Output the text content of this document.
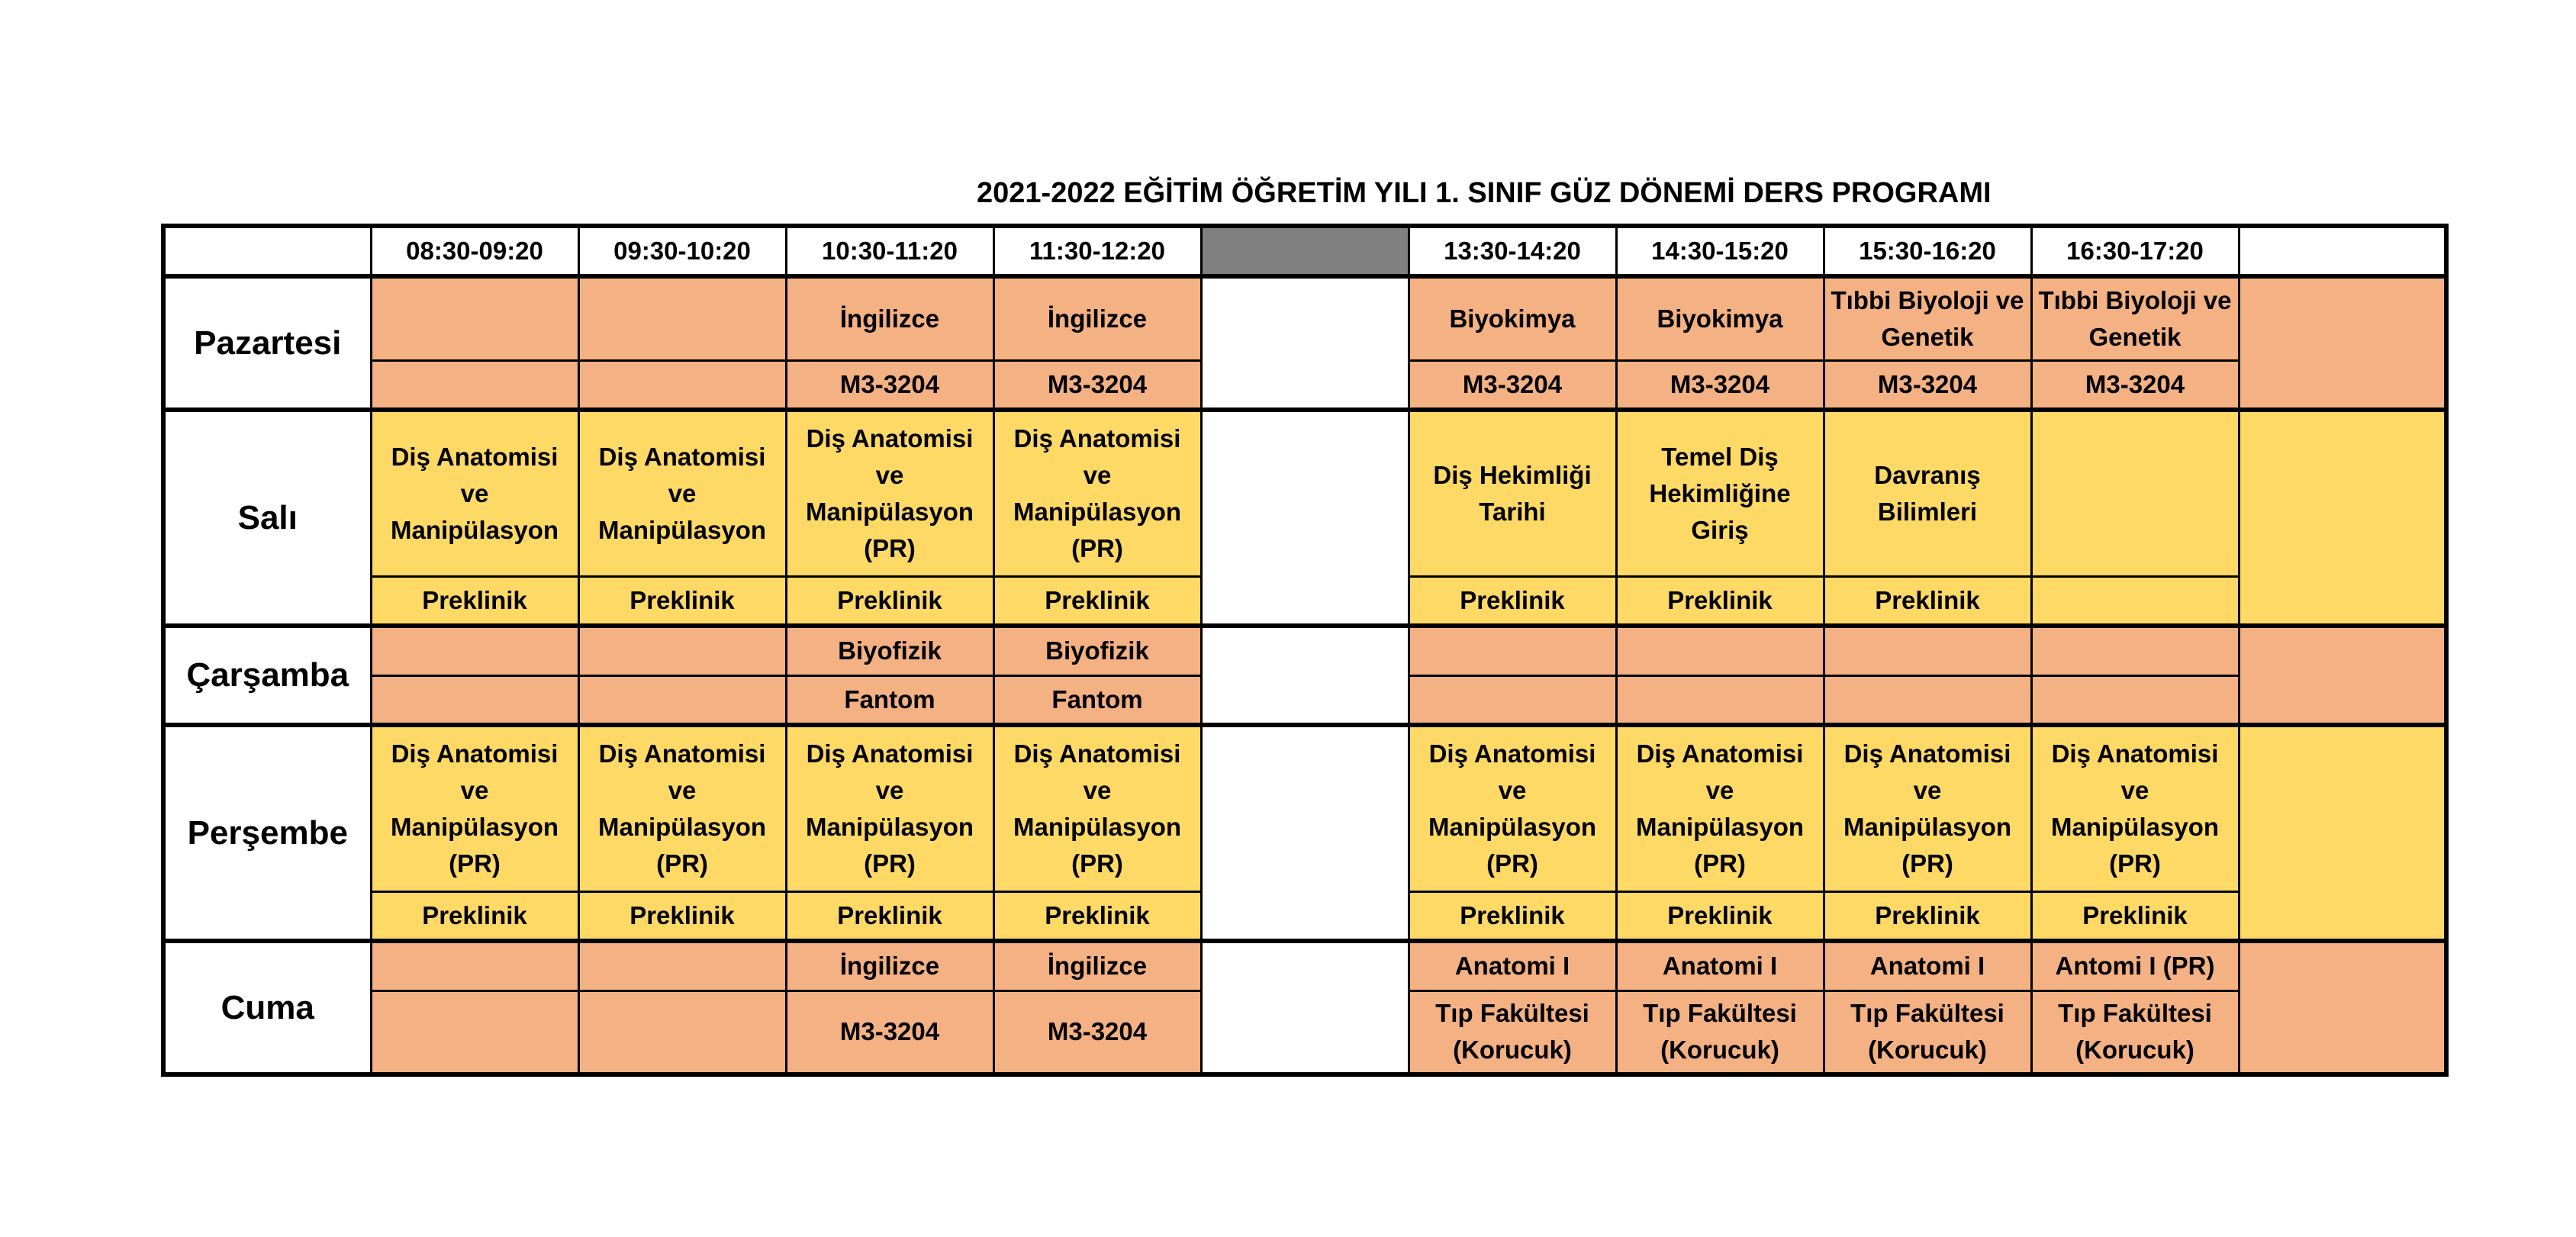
2021-2022 EĞİTİM ÖĞRETİM YILI 1. SINIF GÜZ DÖNEMİ DERS PROGRAMI
	08:30-09:20	09:30-10:20	10:30-11:20	11:30-12:20		13:30-14:20	14:30-15:20	15:30-16:20	16:30-17:20	
Pazartesi			İngilizce	İngilizce		Biyokimya	Biyokimya	Tıbbi Biyoloji ve Genetik	Tıbbi Biyoloji ve Genetik	
			M3-3204	M3-3204		M3-3204	M3-3204	M3-3204	M3-3204	
Salı	Diş Anatomisi ve Manipülasyon	Diş Anatomisi ve Manipülasyon	Diş Anatomisi ve Manipülasyon (PR)	Diş Anatomisi ve Manipülasyon (PR)		Diş Hekimliği Tarihi	Temel Diş Hekimliğine Giriş	Davranış Bilimleri		
	Preklinik	Preklinik	Preklinik	Preklinik		Preklinik	Preklinik	Preklinik		
Çarşamba			Biyofizik	Biyofizik						
			Fantom	Fantom						
Perşembe	Diş Anatomisi ve Manipülasyon (PR)	Diş Anatomisi ve Manipülasyon (PR)	Diş Anatomisi ve Manipülasyon (PR)	Diş Anatomisi ve Manipülasyon (PR)		Diş Anatomisi ve Manipülasyon (PR)	Diş Anatomisi ve Manipülasyon (PR)	Diş Anatomisi ve Manipülasyon (PR)	Diş Anatomisi ve Manipülasyon (PR)	
	Preklinik	Preklinik	Preklinik	Preklinik		Preklinik	Preklinik	Preklinik	Preklinik	
Cuma			İngilizce	İngilizce		Anatomi I	Anatomi I	Anatomi I	Antomi I (PR)	
			M3-3204	M3-3204		Tıp Fakültesi (Korucuk)	Tıp Fakültesi (Korucuk)	Tıp Fakültesi (Korucuk)	Tıp Fakültesi (Korucuk)	
